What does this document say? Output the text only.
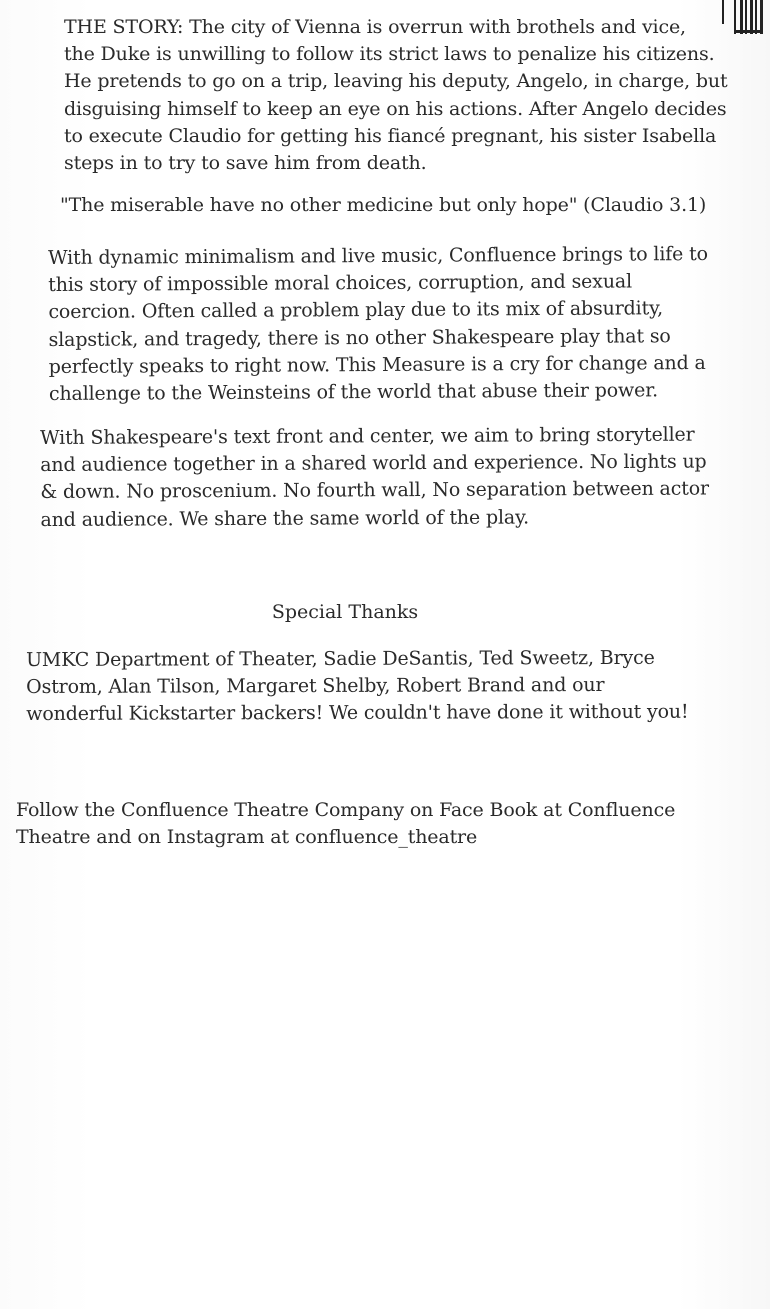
THE STORY: The city of Vienna is overrun with brothels and vice,
the Duke is unwilling to follow its strict laws to penalize his citizens.
He pretends to go on a trip, leaving his deputy, Angelo, in charge, but
disguising himself to keep an eye on his actions. After Angelo decides
to execute Claudio for getting his fiancé pregnant, his sister Isabella
steps in to try to save him from death.

"The miserable have no other medicine but only hope" (Claudio 3.1)

With dynamic minimalism and live music, Confluence brings to life to
this story of impossible moral choices, corruption, and sexual
coercion. Often called a problem play due to its mix of absurdity,
slapstick, and tragedy, there is no other Shakespeare play that so
perfectly speaks to right now. This Measure is a cry for change and a
challenge to the Weinsteins of the world that abuse their power.

With Shakespeare's text front and center, we aim to bring storyteller
and audience together in a shared world and experience. No lights up
& down. No proscenium. No fourth wall, No separation between actor
and audience. We share the same world of the play.

Special Thanks

UMKC Department of Theater, Sadie DeSantis, Ted Sweetz, Bryce
Ostrom, Alan Tilson, Margaret Shelby, Robert Brand and our
wonderful Kickstarter backers! We couldn't have done it without you!

Follow the Confluence Theatre Company on Face Book at Confluence
Theatre and on Instagram at confluence_theatre
